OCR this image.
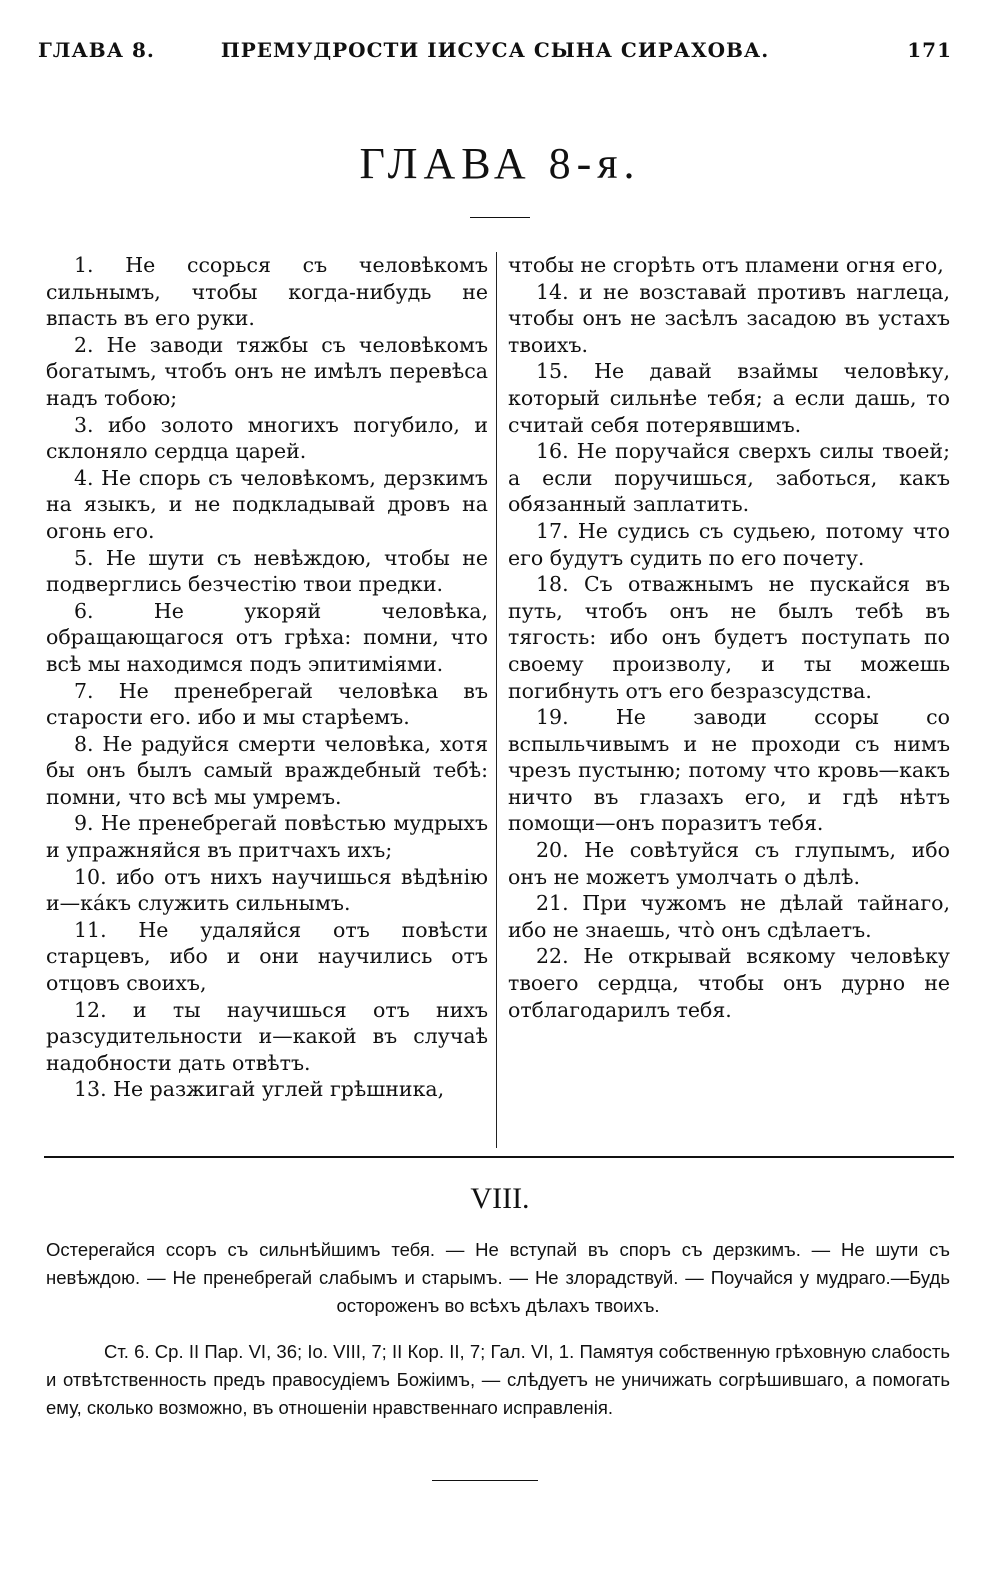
ГЛАВА 8.	ПРЕМУДРОСТИ ІИСУСА СЫНА СИРАХОВА.	171
ГЛАВА 8-я.

1. Не ссорься съ человѣкомъ сильнымъ, чтобы когда-нибудь не впасть въ его руки.

2. Не заводи тяжбы съ человѣкомъ богатымъ, чтобъ онъ не имѣлъ перевѣса надъ тобою;

3. ибо золото многихъ погубило, и склоняло сердца царей.

4. Не спорь съ человѣкомъ, дерзкимъ на языкъ, и не подкладывай дровъ на огонь его.

5. Не шути съ невѣждою, чтобы не подверглись безчестію твои предки.

6. Не укоряй человѣка, обращающагося отъ грѣха: помни, что всѣ мы находимся подъ эпитиміями.

7. Не пренебрегай человѣка въ старости его. ибо и мы старѣемъ.

8. Не радуйся смерти человѣка, хотя бы онъ былъ самый враждебный тебѣ: помни, что всѣ мы умремъ.

9. Не пренебрегай повѣстью мудрыхъ и упражняйся въ притчахъ ихъ;

10. ибо отъ нихъ научишься вѣдѣнію и—ка́къ служить сильнымъ.

11. Не удаляйся отъ повѣсти старцевъ, ибо и они научились отъ отцовъ своихъ,

12. и ты научишься отъ нихъ разсудительности и—какой въ случаѣ надобности дать отвѣтъ.

13. Не разжигай углей грѣшника,

чтобы не сгорѣть отъ пламени огня его,

14. и не возставай противъ наглеца, чтобы онъ не засѣлъ засадою въ устахъ твоихъ.

15. Не давай взаймы человѣку, который сильнѣе тебя; а если дашь, то считай себя потерявшимъ.

16. Не поручайся сверхъ силы твоей; а если поручишься, заботься, какъ обязанный заплатить.

17. Не судись съ судьею, потому что его будутъ судить по его почету.

18. Съ отважнымъ не пускайся въ путь, чтобъ онъ не былъ тебѣ въ тягость: ибо онъ будетъ поступать по своему произволу, и ты можешь погибнуть отъ его безразсудства.

19. Не заводи ссоры со вспыльчивымъ и не проходи съ нимъ чрезъ пустыню; потому что кровь—какъ ничто въ глазахъ его, и гдѣ нѣтъ помощи—онъ поразитъ тебя.

20. Не совѣтуйся съ глупымъ, ибо онъ не можетъ умолчать о дѣлѣ.

21. При чужомъ не дѣлай тайнаго, ибо не знаешь, что̀ онъ сдѣлаетъ.

22. Не открывай всякому человѣку твоего сердца, чтобы онъ дурно не отблагодарилъ тебя.

VIII.
Остерегайся ссоръ съ сильнѣйшимъ тебя. — Не вступай въ споръ съ дерзкимъ. — Не шути съ невѣждою. — Не пренебрегай слабымъ и старымъ. — Не злорадствуй. — Поучайся у мудраго.—Будь остороженъ во всѣхъ дѣлахъ твоихъ.
Ст. 6. Ср. II Пар. VI, 36; Іо. VIII, 7; II Кор. II, 7; Гал. VI, 1. Памятуя собственную грѣховную слабость и отвѣтственность предъ правосудіемъ Божіимъ, — слѣдуетъ не уничижать согрѣшившаго, а помогать ему, сколько возможно, въ отношеніи нравственнаго исправленія.
